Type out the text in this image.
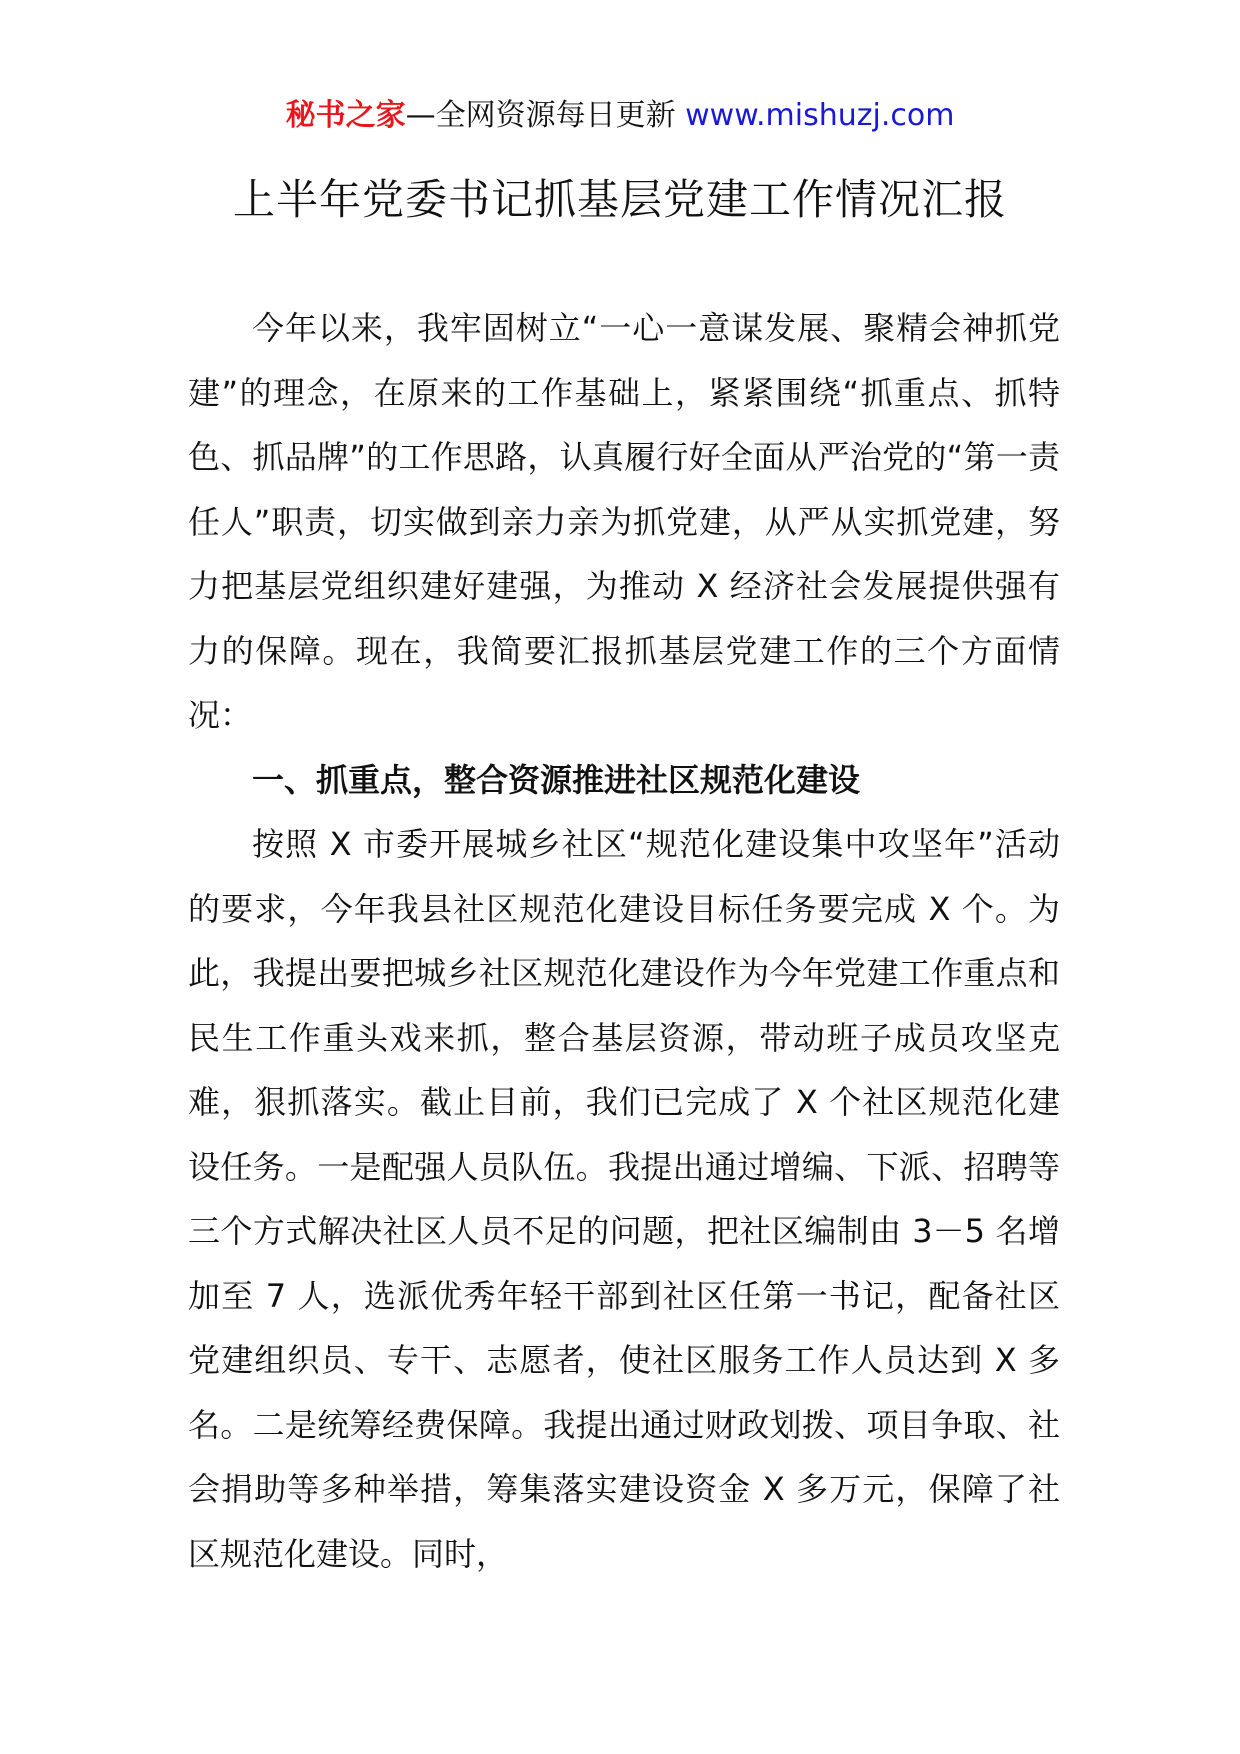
秘书之家—全网资源每日更新 www.mishuzj.com
上半年党委书记抓基层党建工作情况汇报

今年以来，我牢固树立“一心一意谋发展、聚精会神抓党建”的理念，在原来的工作基础上，紧紧围绕“抓重点、抓特色、抓品牌”的工作思路，认真履行好全面从严治党的“第一责任人”职责，切实做到亲力亲为抓党建，从严从实抓党建，努力把基层党组织建好建强，为推动 X 经济社会发展提供强有力的保障。现在，我简要汇报抓基层党建工作的三个方面情况：

一、抓重点，整合资源推进社区规范化建设

按照 X 市委开展城乡社区“规范化建设集中攻坚年”活动的要求，今年我县社区规范化建设目标任务要完成 X 个。为此，我提出要把城乡社区规范化建设作为今年党建工作重点和民生工作重头戏来抓，整合基层资源，带动班子成员攻坚克难，狠抓落实。截止目前，我们已完成了 X 个社区规范化建设任务。一是配强人员队伍。我提出通过增编、下派、招聘等三个方式解决社区人员不足的问题，把社区编制由 3－5 名增加至 7 人，选派优秀年轻干部到社区任第一书记，配备社区党建组织员、专干、志愿者，使社区服务工作人员达到 X 多名。二是统筹经费保障。我提出通过财政划拨、项目争取、社会捐助等多种举措，筹集落实建设资金 X 多万元，保障了社区规范化建设。同时，
